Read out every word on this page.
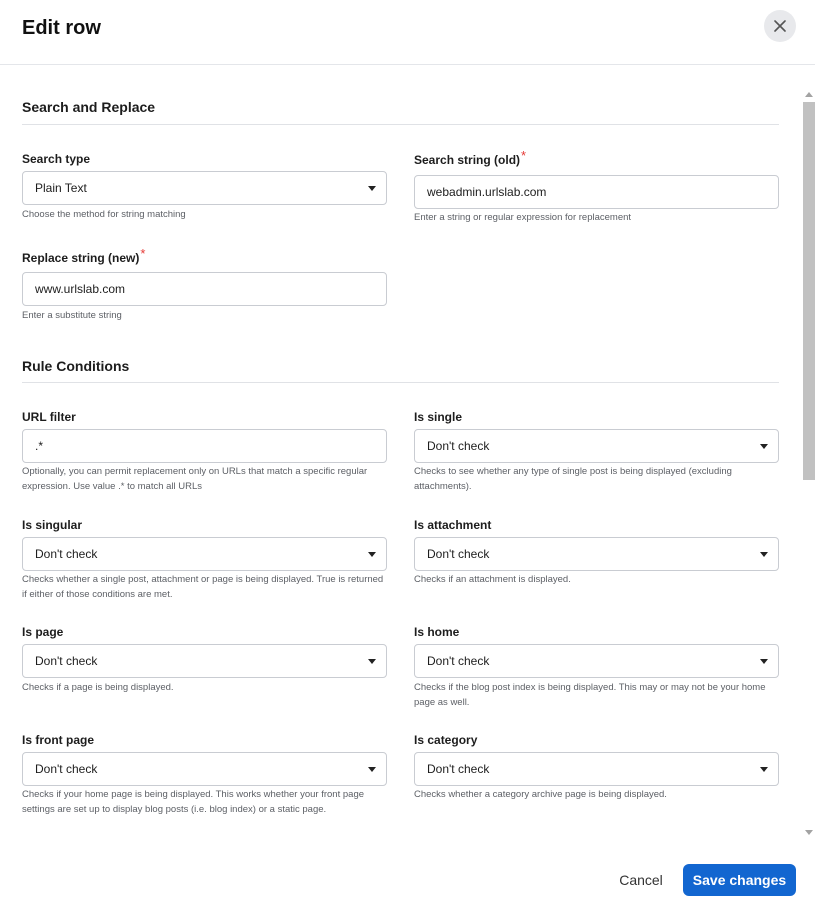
Edit row
Search and Replace
Search type
Plain Text
Choose the method for string matching
Search string (old)*
webadmin.urlslab.com
Enter a string or regular expression for replacement
Replace string (new)*
www.urlslab.com
Enter a substitute string
Rule Conditions
URL filter
.*
Optionally, you can permit replacement only on URLs that match a specific regular expression. Use value .* to match all URLs
Is single
Don't check
Checks to see whether any type of single post is being displayed (excluding attachments).
Is singular
Don't check
Checks whether a single post, attachment or page is being displayed. True is returned if either of those conditions are met.
Is attachment
Don't check
Checks if an attachment is displayed.
Is page
Don't check
Checks if a page is being displayed.
Is home
Don't check
Checks if the blog post index is being displayed. This may or may not be your home page as well.
Is front page
Don't check
Checks if your home page is being displayed. This works whether your front page settings are set up to display blog posts (i.e. blog index) or a static page.
Is category
Don't check
Checks whether a category archive page is being displayed.
Cancel	Save changes
